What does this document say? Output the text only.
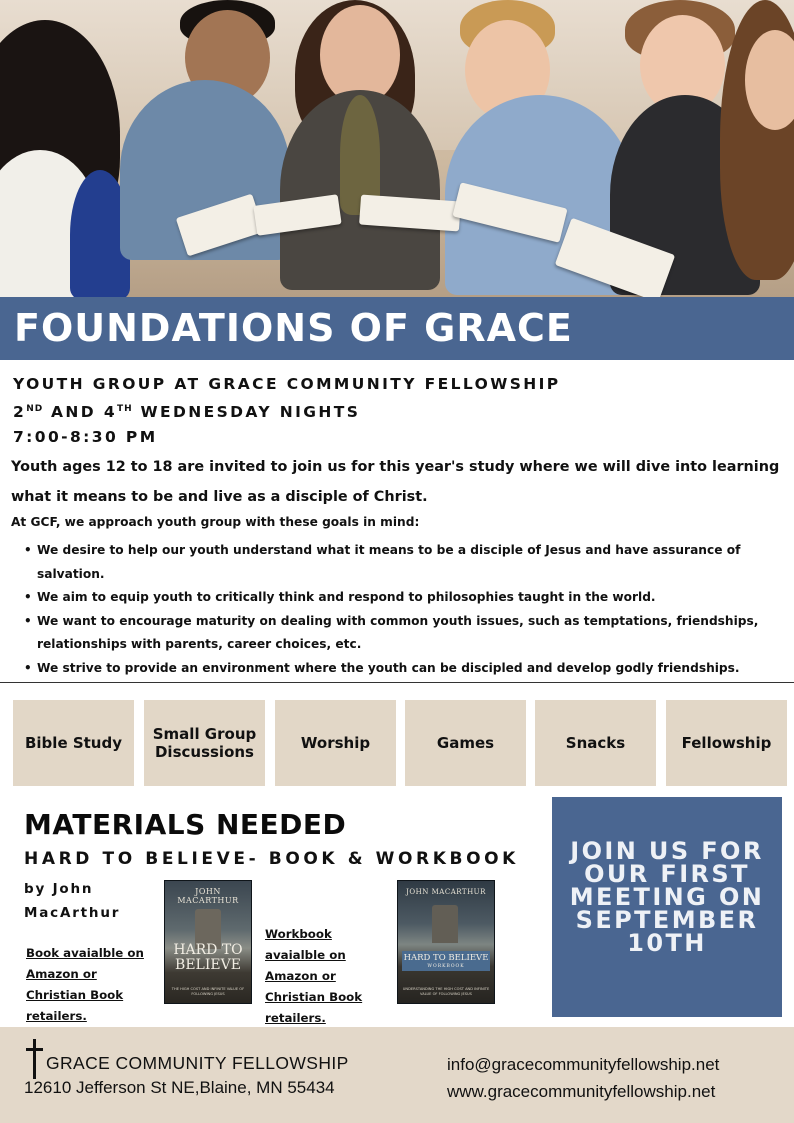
FOUNDATIONS OF GRACE
YOUTH GROUP AT GRACE COMMUNITY FELLOWSHIP
2ND AND 4TH WEDNESDAY NIGHTS
7:00-8:30 PM
Youth ages 12 to 18 are invited to join us for this year's study where we will dive into learning
what it means to be and live as a disciple of Christ.
At GCF, we approach youth group with these goals in mind:
• We desire to help our youth understand what it means to be a disciple of Jesus and have assurance of salvation.
• We aim to equip youth to critically think and respond to philosophies taught in the world.
• We want to encourage maturity on dealing with common youth issues, such as temptations, friendships, relationships with parents, career choices, etc.
• We strive to provide an environment where the youth can be discipled and develop godly friendships.
Bible Study	Small Group Discussions	Worship	Games	Snacks	Fellowship
MATERIALS NEEDED
HARD TO BELIEVE- BOOK & WORKBOOK
by John
MacArthur
Book avaialble on Amazon or Christian Book retailers.
JOHN MACARTHUR
HARD TO
BELIEVE
THE HIGH COST AND INFINITE VALUE OF FOLLOWING JESUS
Workbook avaialble on Amazon or Christian Book retailers.
JOHN MACARTHUR
HARD TO BELIEVE
WORKBOOK
UNDERSTANDING THE HIGH COST AND INFINITE VALUE OF FOLLOWING JESUS

JOIN US FOR OUR FIRST MEETING ON SEPTEMBER 10TH

GRACE COMMUNITY FELLOWSHIP
12610 Jefferson St NE,Blaine, MN 55434
info@gracecommunityfellowship.net
www.gracecommunityfellowship.net
